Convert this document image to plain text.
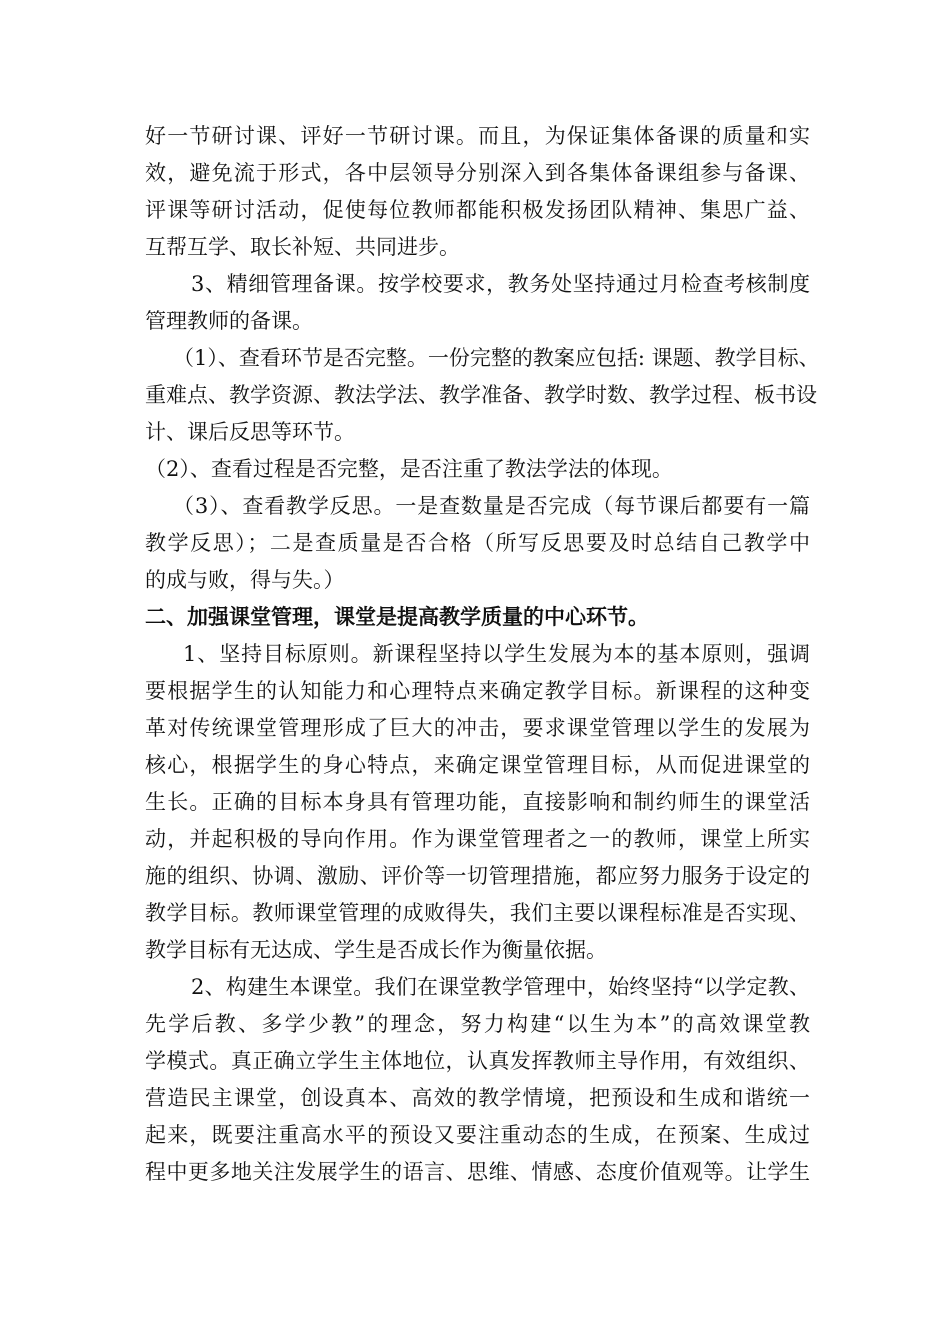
好一节研讨课、评好一节研讨课。而且，为保证集体备课的质量和实
效，避免流于形式，各中层领导分别深入到各集体备课组参与备课、
评课等研讨活动，促使每位教师都能积极发扬团队精神、集思广益、
互帮互学、取长补短、共同进步。
3、精细管理备课。按学校要求，教务处坚持通过月检查考核制度
管理教师的备课。
（1）、查看环节是否完整。一份完整的教案应包括: 课题、教学目标、
重难点、教学资源、教法学法、教学准备、教学时数、教学过程、板书设
计、课后反思等环节。
（2）、查看过程是否完整，是否注重了教法学法的体现。
（3）、查看教学反思。一是查数量是否完成（每节课后都要有一篇
教学反思）；二是查质量是否合格（所写反思要及时总结自己教学中
的成与败，得与失。）
二、加强课堂管理，课堂是提高教学质量的中心环节。
1、坚持目标原则。新课程坚持以学生发展为本的基本原则，强调
要根据学生的认知能力和心理特点来确定教学目标。新课程的这种变
革对传统课堂管理形成了巨大的冲击，要求课堂管理以学生的发展为
核心，根据学生的身心特点，来确定课堂管理目标，从而促进课堂的
生长。正确的目标本身具有管理功能，直接影响和制约师生的课堂活
动，并起积极的导向作用。作为课堂管理者之一的教师，课堂上所实
施的组织、协调、激励、评价等一切管理措施，都应努力服务于设定的
教学目标。教师课堂管理的成败得失，我们主要以课程标准是否实现、
教学目标有无达成、学生是否成长作为衡量依据。
2、构建生本课堂。我们在课堂教学管理中，始终坚持“以学定教、
先学后教、多学少教”的理念，努力构建“以生为本”的高效课堂教
学模式。真正确立学生主体地位，认真发挥教师主导作用，有效组织、
营造民主课堂，创设真本、高效的教学情境，把预设和生成和谐统一
起来，既要注重高水平的预设又要注重动态的生成，在预案、生成过
程中更多地关注发展学生的语言、思维、情感、态度价值观等。让学生
